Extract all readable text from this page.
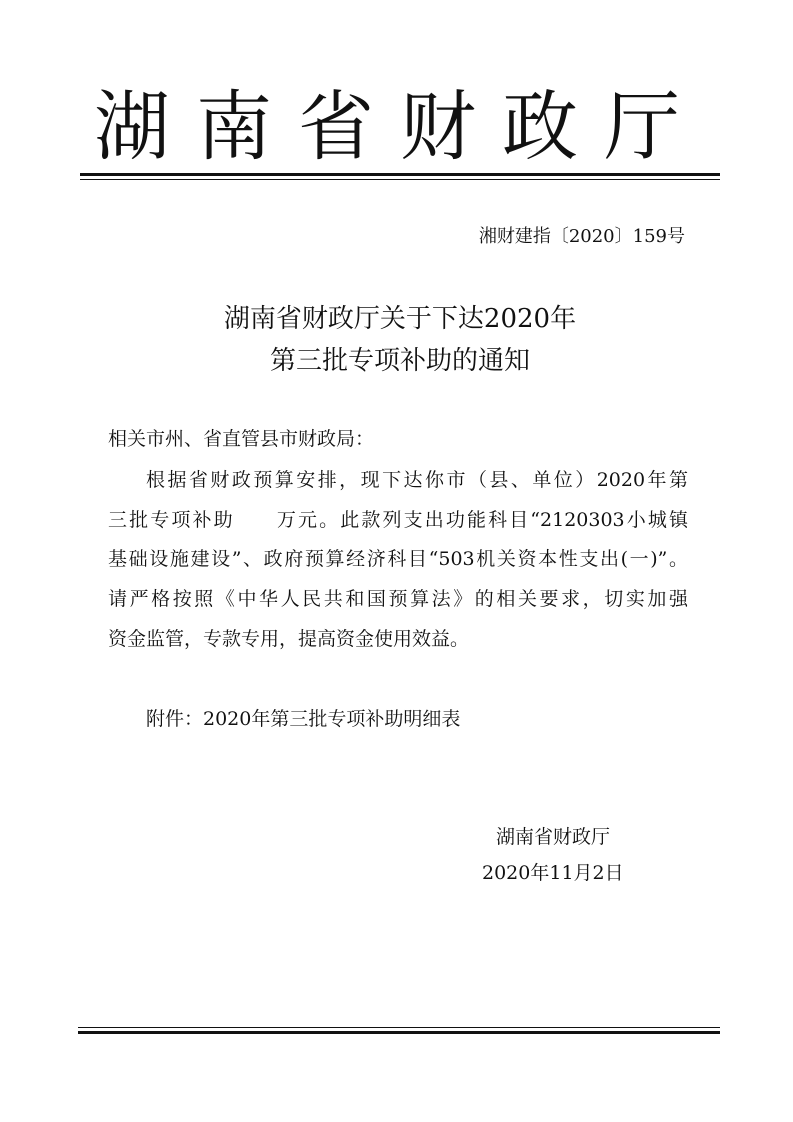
湖南省财政厅
湘财建指〔2020〕159号
湖南省财政厅关于下达2020年
第三批专项补助的通知
相关市州、省直管县市财政局：
根据省财政预算安排，现下达你市（县、单位）2020年第
三批专项补助　　万元。此款列支出功能科目“2120303小城镇
基础设施建设”、政府预算经济科目“503机关资本性支出(一)”。
请严格按照《中华人民共和国预算法》的相关要求，切实加强
资金监管，专款专用，提高资金使用效益。
附件：2020年第三批专项补助明细表
湖南省财政厅
2020年11月2日
